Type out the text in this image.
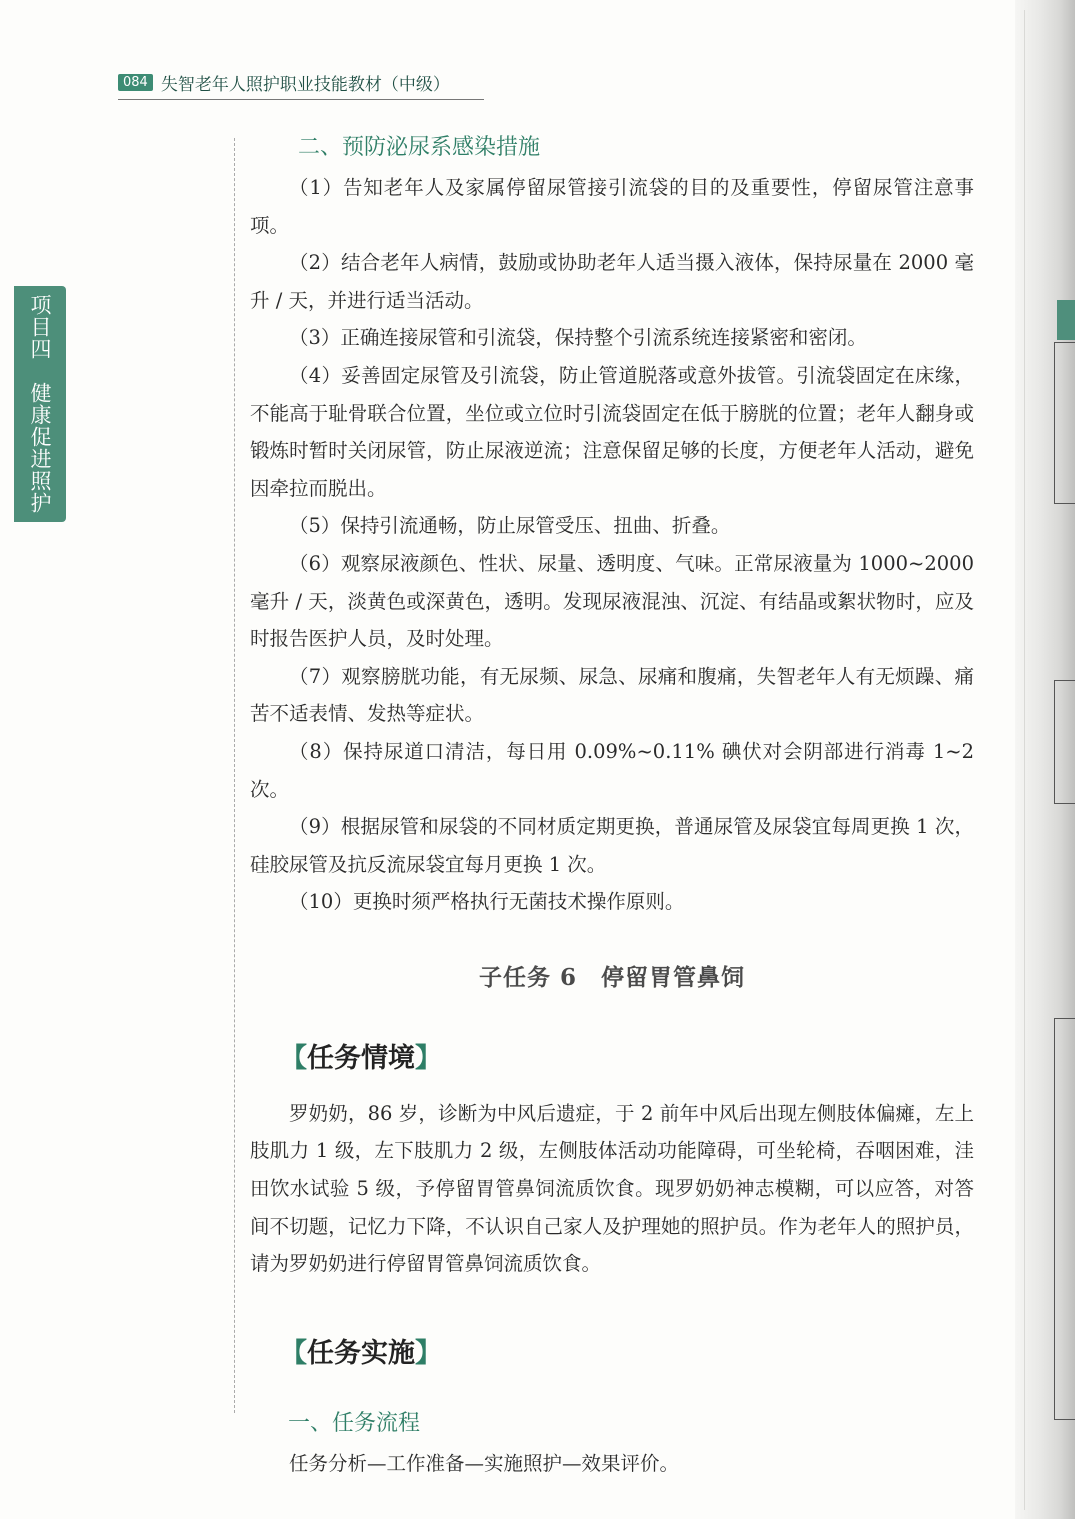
084 失智老年人照护职业技能教材（中级）
项目四　健康促进照护
二、预防泌尿系感染措施

（1）告知老年人及家属停留尿管接引流袋的目的及重要性，停留尿管注意事项。

（2）结合老年人病情，鼓励或协助老年人适当摄入液体，保持尿量在 2000 毫升 / 天，并进行适当活动。

（3）正确连接尿管和引流袋，保持整个引流系统连接紧密和密闭。

（4）妥善固定尿管及引流袋，防止管道脱落或意外拔管。引流袋固定在床缘，不能高于耻骨联合位置，坐位或立位时引流袋固定在低于膀胱的位置；老年人翻身或锻炼时暂时关闭尿管，防止尿液逆流；注意保留足够的长度，方便老年人活动，避免因牵拉而脱出。

（5）保持引流通畅，防止尿管受压、扭曲、折叠。

（6）观察尿液颜色、性状、尿量、透明度、气味。正常尿液量为 1000~2000 毫升 / 天，淡黄色或深黄色，透明。发现尿液混浊、沉淀、有结晶或絮状物时，应及时报告医护人员，及时处理。

（7）观察膀胱功能，有无尿频、尿急、尿痛和腹痛，失智老年人有无烦躁、痛苦不适表情、发热等症状。

（8）保持尿道口清洁，每日用 0.09%~0.11% 碘伏对会阴部进行消毒 1~2 次。

（9）根据尿管和尿袋的不同材质定期更换，普通尿管及尿袋宜每周更换 1 次，硅胶尿管及抗反流尿袋宜每月更换 1 次。

（10）更换时须严格执行无菌技术操作原则。

子任务 6　停留胃管鼻饲
【任务情境】

罗奶奶，86 岁，诊断为中风后遗症，于 2 前年中风后出现左侧肢体偏瘫，左上肢肌力 1 级，左下肢肌力 2 级，左侧肢体活动功能障碍，可坐轮椅，吞咽困难，洼田饮水试验 5 级，予停留胃管鼻饲流质饮食。现罗奶奶神志模糊，可以应答，对答间不切题，记忆力下降，不认识自己家人及护理她的照护员。作为老年人的照护员，请为罗奶奶进行停留胃管鼻饲流质饮食。

【任务实施】
一、任务流程

任务分析—工作准备—实施照护—效果评价。
